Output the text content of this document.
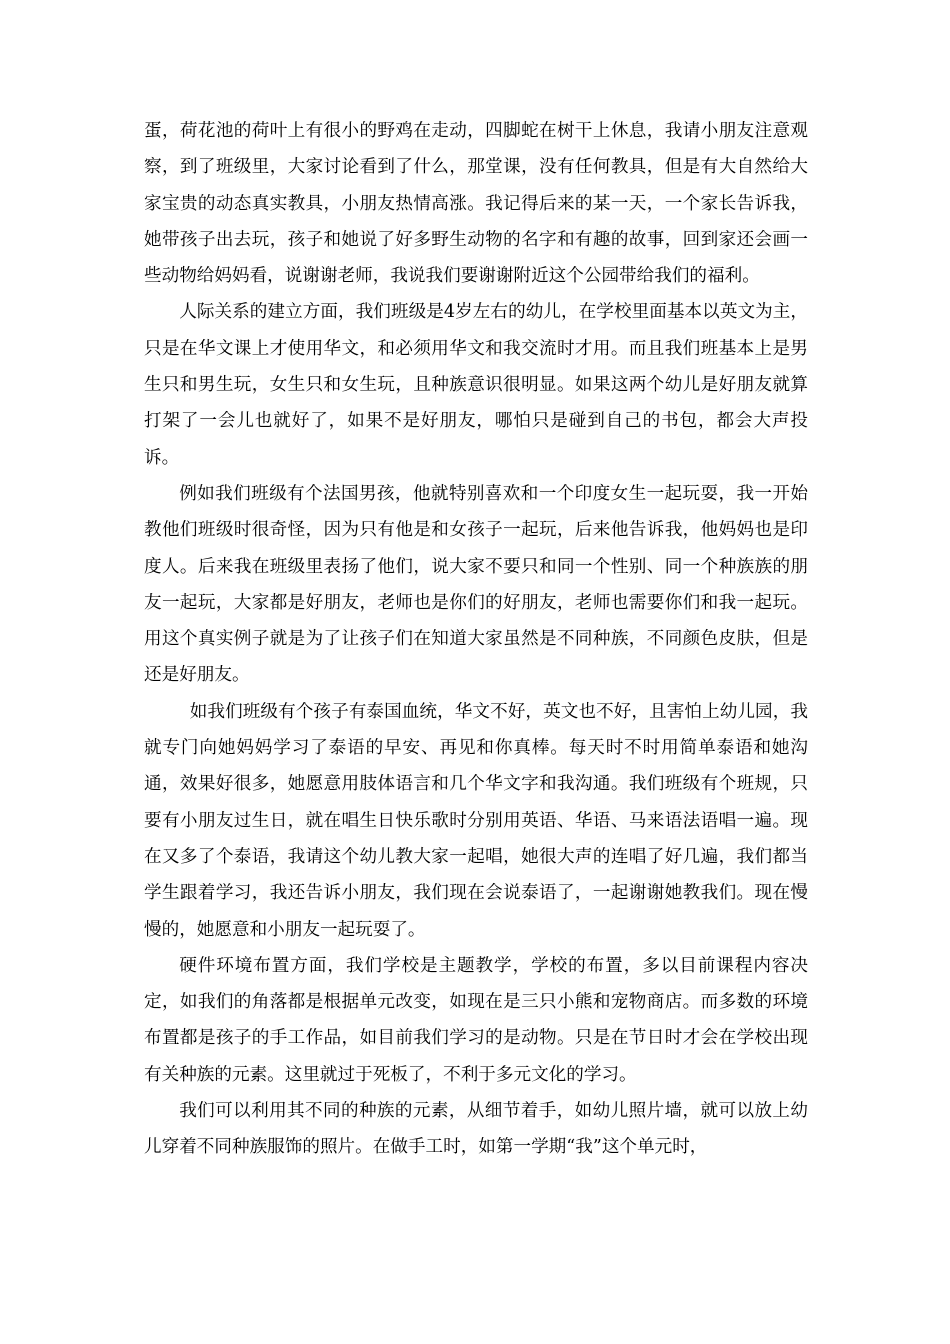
蛋，荷花池的荷叶上有很小的野鸡在走动，四脚蛇在树干上休息，我请小朋友注意观察，到了班级里，大家讨论看到了什么，那堂课，没有任何教具，但是有大自然给大家宝贵的动态真实教具，小朋友热情高涨。我记得后来的某一天，一个家长告诉我，她带孩子出去玩，孩子和她说了好多野生动物的名字和有趣的故事，回到家还会画一些动物给妈妈看，说谢谢老师，我说我们要谢谢附近这个公园带给我们的福利。

人际关系的建立方面，我们班级是4岁左右的幼儿，在学校里面基本以英文为主，只是在华文课上才使用华文，和必须用华文和我交流时才用。而且我们班基本上是男生只和男生玩，女生只和女生玩，且种族意识很明显。如果这两个幼儿是好朋友就算打架了一会儿也就好了，如果不是好朋友，哪怕只是碰到自己的书包，都会大声投诉。

例如我们班级有个法国男孩，他就特别喜欢和一个印度女生一起玩耍，我一开始教他们班级时很奇怪，因为只有他是和女孩子一起玩，后来他告诉我，他妈妈也是印度人。后来我在班级里表扬了他们，说大家不要只和同一个性别、同一个种族族的朋友一起玩，大家都是好朋友，老师也是你们的好朋友，老师也需要你们和我一起玩。用这个真实例子就是为了让孩子们在知道大家虽然是不同种族，不同颜色皮肤，但是还是好朋友。

如我们班级有个孩子有泰国血统，华文不好，英文也不好，且害怕上幼儿园，我就专门向她妈妈学习了泰语的早安、再见和你真棒。每天时不时用简单泰语和她沟通，效果好很多，她愿意用肢体语言和几个华文字和我沟通。我们班级有个班规，只要有小朋友过生日，就在唱生日快乐歌时分别用英语、华语、马来语法语唱一遍。现在又多了个泰语，我请这个幼儿教大家一起唱，她很大声的连唱了好几遍，我们都当学生跟着学习，我还告诉小朋友，我们现在会说泰语了，一起谢谢她教我们。现在慢慢的，她愿意和小朋友一起玩耍了。

硬件环境布置方面，我们学校是主题教学，学校的布置，多以目前课程内容决定，如我们的角落都是根据单元改变，如现在是三只小熊和宠物商店。而多数的环境布置都是孩子的手工作品，如目前我们学习的是动物。只是在节日时才会在学校出现有关种族的元素。这里就过于死板了，不利于多元文化的学习。

我们可以利用其不同的种族的元素，从细节着手，如幼儿照片墙，就可以放上幼儿穿着不同种族服饰的照片。在做手工时，如第一学期“我”这个单元时，
